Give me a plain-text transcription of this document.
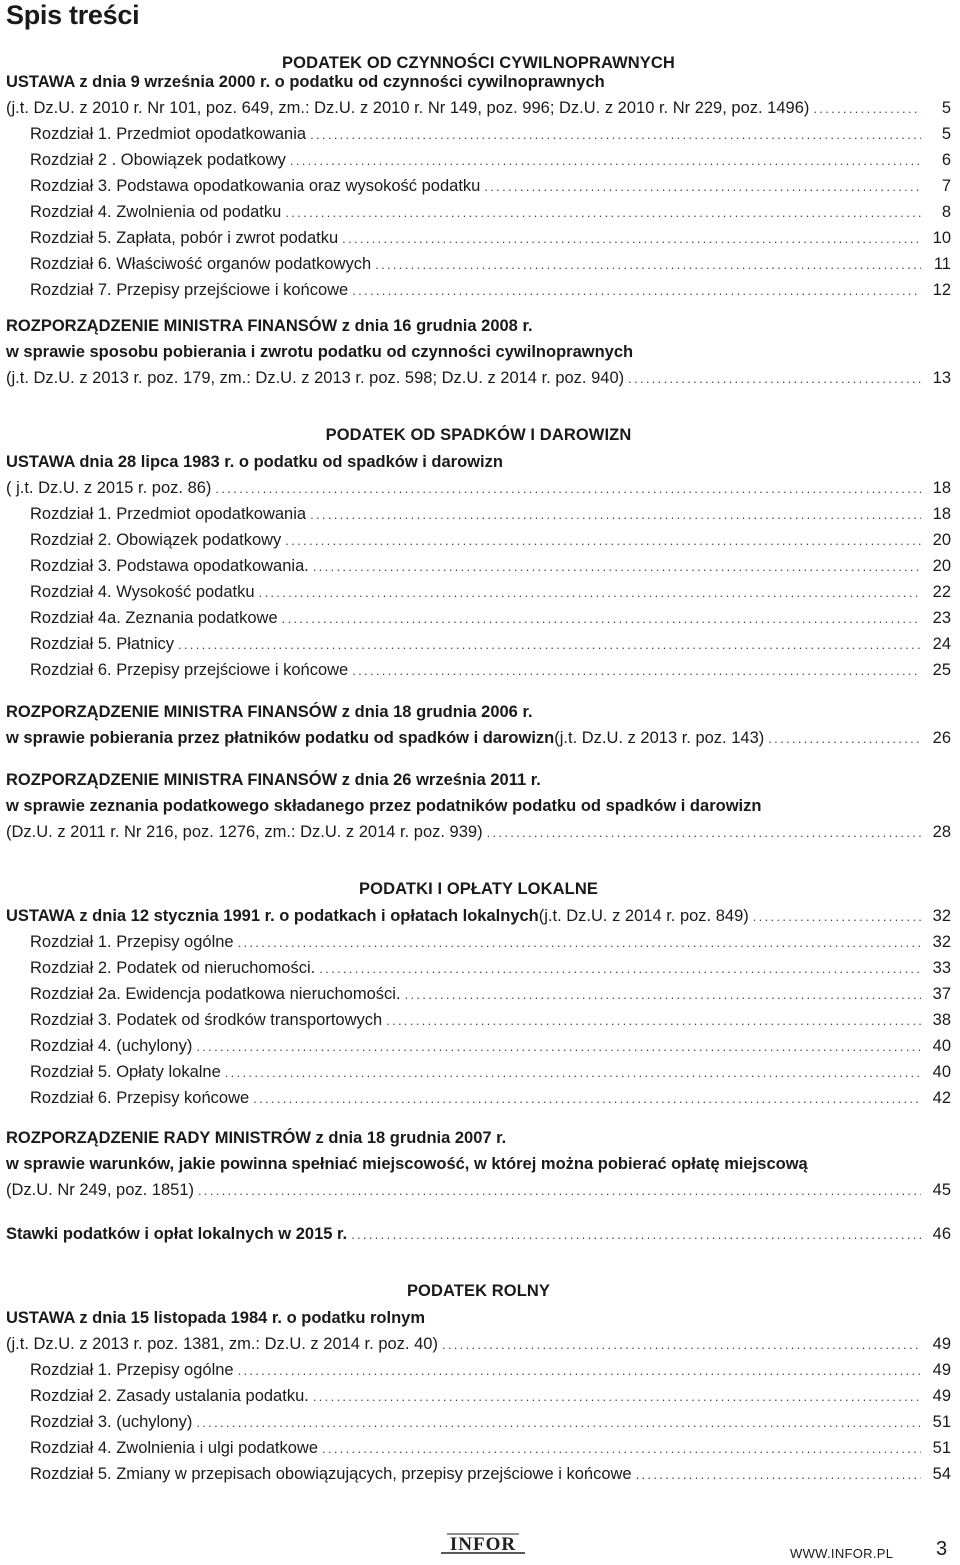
Spis treści
PODATEK OD CZYNNOŚCI CYWILNOPRAWNYCH
PODATEK OD SPADKÓW I DAROWIZN
PODATKI I OPŁATY LOKALNE
PODATEK ROLNY
USTAWA z dnia 9 września 2000 r. o podatku od czynności cywilnoprawnych
(j.t. Dz.U. z 2010 r. Nr 101, poz. 649, zm.: Dz.U. z 2010 r. Nr 149, poz. 996; Dz.U. z 2010 r. Nr 229, poz. 1496) .....	5
Rozdział 1. Przedmiot opodatkowania .....	5
Rozdział 2 . Obowiązek podatkowy .....	6
Rozdział 3. Podstawa opodatkowania oraz wysokość podatku .....	7
Rozdział 4. Zwolnienia od podatku .....	8
Rozdział 5. Zapłata, pobór i zwrot podatku .....	10
Rozdział 6. Właściwość organów podatkowych .....	11
Rozdział 7. Przepisy przejściowe i końcowe .....	12
ROZPORZĄDZENIE MINISTRA FINANSÓW z dnia 16 grudnia 2008 r.
w sprawie sposobu pobierania i zwrotu podatku od czynności cywilnoprawnych
(j.t. Dz.U. z 2013 r. poz. 179, zm.: Dz.U. z 2013 r. poz. 598; Dz.U. z 2014 r. poz. 940) .....	13
USTAWA dnia 28 lipca 1983 r. o podatku od spadków i darowizn
( j.t. Dz.U. z 2015 r. poz. 86) .....	18
Rozdział 1. Przedmiot opodatkowania .....	18
Rozdział 2. Obowiązek podatkowy .....	20
Rozdział 3. Podstawa opodatkowania. .....	20
Rozdział 4. Wysokość podatku .....	22
Rozdział 4a. Zeznania podatkowe .....	23
Rozdział 5. Płatnicy .....	24
Rozdział 6. Przepisy przejściowe i końcowe .....	25
ROZPORZĄDZENIE MINISTRA FINANSÓW z dnia 18 grudnia 2006 r.
w sprawie pobierania przez płatników podatku od spadków i darowizn (j.t. Dz.U. z 2013 r. poz. 143) .....	26
ROZPORZĄDZENIE MINISTRA FINANSÓW z dnia 26 września 2011 r.
w sprawie zeznania podatkowego składanego przez podatników podatku od spadków i darowizn
(Dz.U. z 2011 r. Nr 216, poz. 1276, zm.: Dz.U. z 2014 r. poz. 939) .....	28
USTAWA z dnia 12 stycznia 1991 r. o podatkach i opłatach lokalnych (j.t. Dz.U. z 2014 r. poz. 849) .....	32
Rozdział 1. Przepisy ogólne .....	32
Rozdział 2. Podatek od nieruchomości. .....	33
Rozdział 2a. Ewidencja podatkowa nieruchomości. .....	37
Rozdział 3. Podatek od środków transportowych .....	38
Rozdział 4. (uchylony) .....	40
Rozdział 5. Opłaty lokalne .....	40
Rozdział 6. Przepisy końcowe .....	42
ROZPORZĄDZENIE RADY MINISTRÓW z dnia 18 grudnia 2007 r.
w sprawie warunków, jakie powinna spełniać miejscowość, w której można pobierać opłatę miejscową
(Dz.U. Nr 249, poz. 1851) .....	45
Stawki podatków i opłat lokalnych w 2015 r. .....	46
USTAWA z dnia 15 listopada 1984 r. o podatku rolnym
(j.t. Dz.U. z 2013 r. poz. 1381, zm.: Dz.U. z 2014 r. poz. 40) .....	49
Rozdział 1. Przepisy ogólne .....	49
Rozdział 2. Zasady ustalania podatku. .....	49
Rozdział 3. (uchylony) .....	51
Rozdział 4. Zwolnienia i ulgi podatkowe .....	51
Rozdział 5. Zmiany w przepisach obowiązujących, przepisy przejściowe i końcowe .....	54
INFOR	WWW.INFOR.PL 3
